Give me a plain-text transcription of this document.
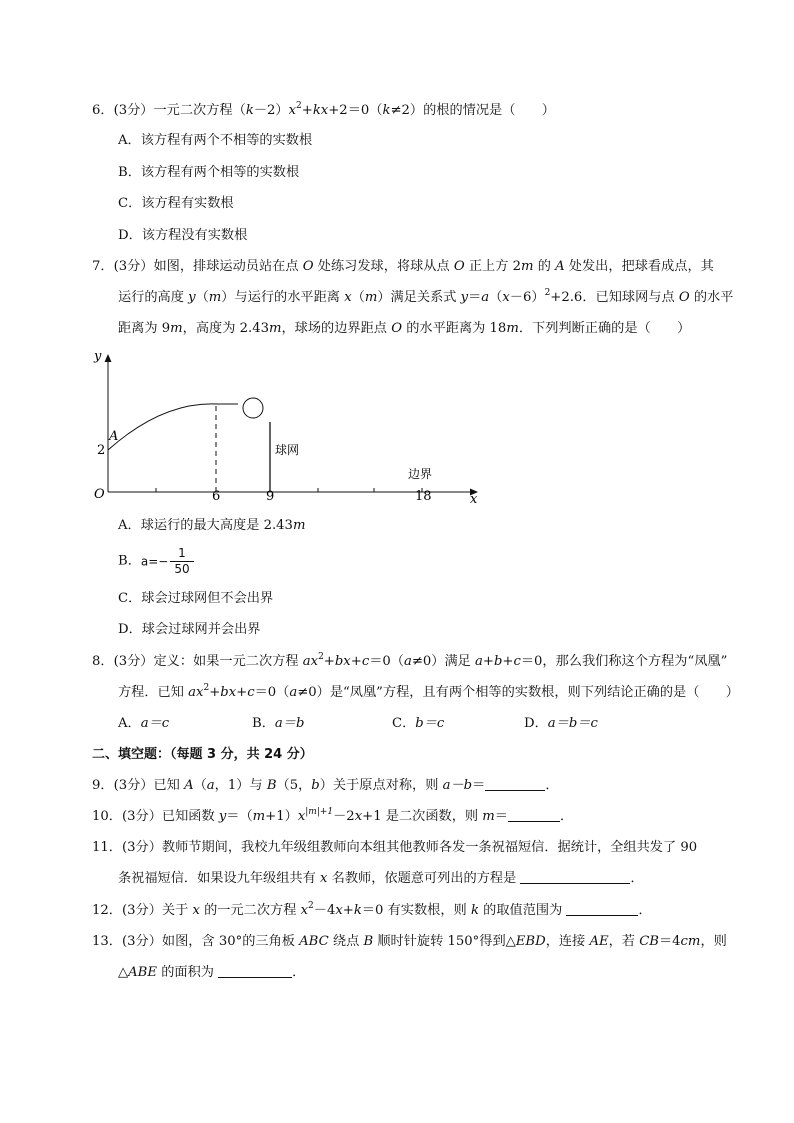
6．(3分）一元二次方程$(k-2)x^2+kx+2=0(k\ne 2)$的根的情况是（　　）
A．该方程有两个不相等的实数根
B．该方程有两个相等的实数根
C．该方程有实数根
D．该方程没有实数根
7．(3分）如图，排球运动员站在点 O 处练习发球，将球从点 O 正上方 2m 的 A 处发出，把球看成点，其
运行的高度 y（m）与运行的水平距离 x（m）满足关系式 $y=a(x-6)^2+2.6$．已知球网与点 O 的水平
距离为 9m，高度为 2.43m，球场的边界距点 O 的水平距离为 18m．下列判断正确的是（　　）
y
x
O
A
2
6	9	18
球网
边界
A．球运行的最大高度是 2.43m
B．$a=- \frac{1}{50}$
C．球会过球网但不会出界
D．球会过球网并会出界
8．(3分）定义：如果一元二次方程 $ax^2+bx+c=0(a\ne 0)$满足 a+b+c＝0，那么我们称这个方程为“凤凰”
方程．已知 $ax^2+bx+c=0(a\ne 0)$是“凤凰”方程，且有两个相等的实数根，则下列结论正确的是（　　）
A．a＝c	B．a＝b	C．b＝c	D．a＝b＝c
二、填空题：（每题 3 分，共 24 分）
9．(3分）已知 A（a，1）与 B（5，b）关于原点对称，则 a－b＝	．
10．(3分）已知函数 $y=(m+1)x^{|m|+1}-2x+1$ 是二次函数，则 m＝	．
11．(3分）教师节期间，我校九年级组教师向本组其他教师各发一条祝福短信．据统计，全组共发了 90
条祝福短信．如果设九年级组共有 x 名教师，依题意可列出的方程是	．
12．(3分）关于 x 的一元二次方程 $x^2-4x+k=0$ 有实数根，则 k 的取值范围为	．
13．(3分）如图，含 30°的三角板 ABC 绕点 B 顺时针旋转 150°得到△EBD，连接 AE，若 CB＝4cm，则
△ABE 的面积为	．
